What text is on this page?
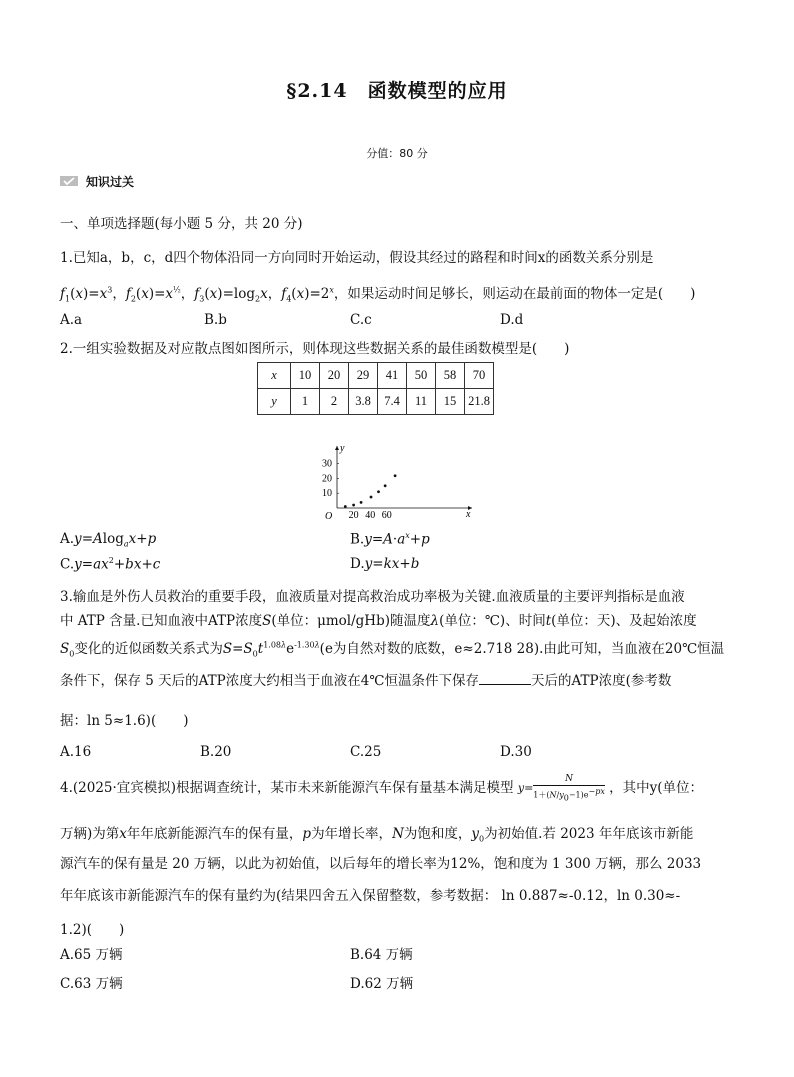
§2.14　函数模型的应用
分值：80 分
知识过关
一、单项选择题(每小题 5 分，共 20 分)
1.已知a，b，c，d四个物体沿同一方向同时开始运动，假设其经过的路程和时间x的函数关系分别是
$f_1(x)=x^3$，$f_2(x)=x^{\frac{1}{2}}$，$f_3(x)=\log_2x$，$f_4(x)=2^x$，如果运动时间足够长，则运动在最前面的物体一定是(　　)
A.a	B.b	C.c	D.d
2.一组实验数据及对应散点图如图所示，则体现这些数据关系的最佳函数模型是(　　)
x	10	20	29	41	50	58	70
y	1	2	3.8	7.4	11	15	21.8
y
x
O 20 40 60
10
20
30
A.y=Alog$_a$x+p	$B.y=A\cdot a^x+p$
$C.y=ax^2+bx+c$	D.y=kx+b
3.输血是外伤人员救治的重要手段，血液质量对提高救治成功率极为关键.血液质量的主要评判指标是血液
中 ATP 含量.已知血液中ATP浓度S(单位：μmol/gHb)随温度λ(单位：℃)、时间t(单位：天)、及起始浓度
$S_0$变化的近似函数关系式为$S=S_0t^{1.08\lambda}e^{-1.30\lambda}(e$为自然对数的底数，e≈2.718 28).由此可知，当血液在20℃恒温
条件下，保存 5 天后的ATP浓度大约相当于血液在4℃恒温条件下保存	天后的ATP浓度(参考数
据：ln 5≈1.6)(　　)
A.16	B.20	C.25	D.30
4.(2025·宜宾模拟)根据调查统计，某市未来新能源汽车保有量基本满足模型 $y= \frac{N}{1+(N/y_0-1)e^{-px}}$ ，其中y(单位：
万辆)为第x年年底新能源汽车的保有量，p为年增长率，N为饱和度，$y_0$为初始值.若 2023 年年底该市新能
源汽车的保有量是 20 万辆，以此为初始值，以后每年的增长率为12%，饱和度为 1 300 万辆，那么 2033
年年底该市新能源汽车的保有量约为(结果四舍五入保留整数，参考数据： ln 0.887≈-0.12，ln 0.30≈-
1.2)(　　)
A.65 万辆	B.64 万辆
C.63 万辆	D.62 万辆
